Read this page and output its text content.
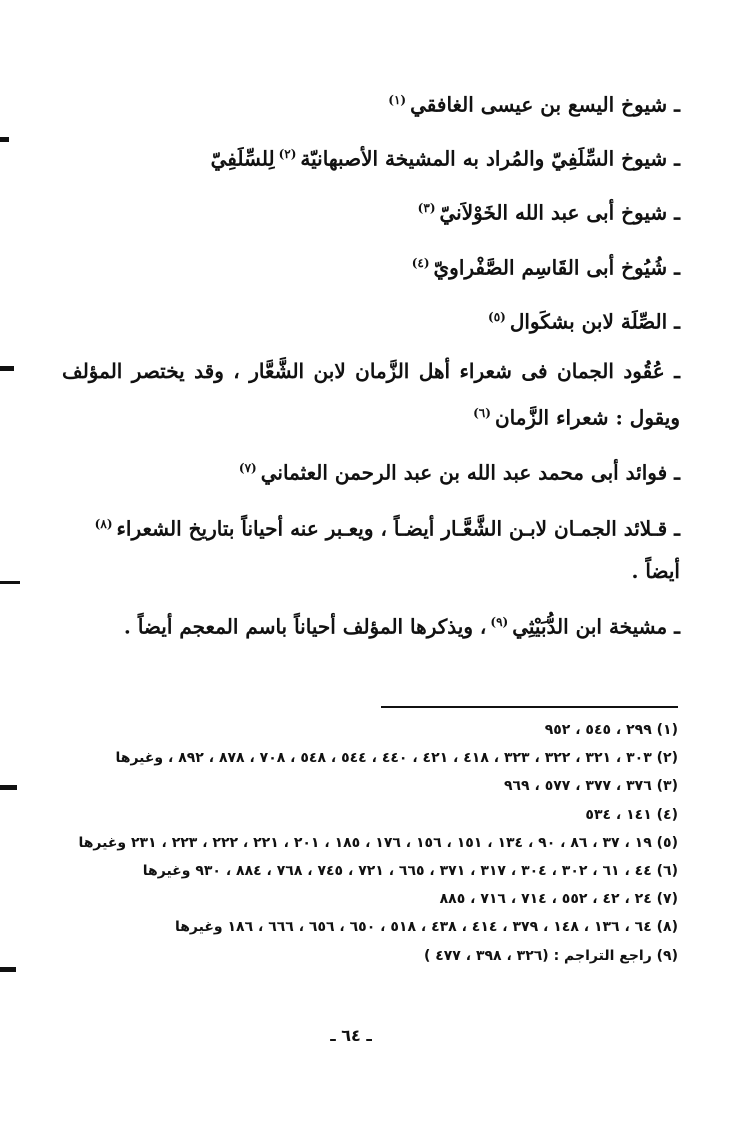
ـ شيوخ اليسع بن عيسى الغافقي$^{(١)}$
ـ شيوخ السِّلَفِيّ والمُراد به المشيخة الأصبهانيّة$^{(٢)}$لِلسِّلَفِيّ
ـ شيوخ أبى عبد الله الخَوْلاَنيّ$^{(٣)}$
ـ شُيُوخ أبى القَاسِم الصَّفْراويّ$^{(٤)}$
ـ الصِّلَة لابن بشكَوال$^{(٥)}$
ـ عُقُود الجمان فى شعراء أهل الزَّمان لابن الشَّعَّار ، وقد يختصر المؤلف ويقول : شعراء الزَّمان$^{(٦)}$
ـ فوائد أبى محمد عبد الله بن عبد الرحمن العثماني$^{(٧)}$
ـ قـلائد الجمـان لابـن الشَّعَّـار أيضـاً ، ويعـبر عنه أحياناً بتاريخ الشعراء$^{(٨)}$
أيضاً .
ـ مشيخة ابن الدُّبَيْثِي$^{(٩)}$، ويذكرها المؤلف أحياناً باسم المعجم أيضاً .
(١) ٢٩٩ ، ٥٤٥ ، ٩٥٢
(٢) ٣٠٣ ، ٣٢١ ، ٣٢٢ ، ٣٢٣ ، ٤١٨ ، ٤٢١ ، ٤٤٠ ، ٥٤٤ ، ٥٤٨ ، ٧٠٨ ، ٨٧٨ ، ٨٩٢ ، وغيرها
(٣) ٣٧٦ ، ٣٧٧ ، ٥٧٧ ، ٩٦٩
(٤) ١٤١ ، ٥٣٤
(٥) ١٩ ، ٣٧ ، ٨٦ ، ٩٠ ، ١٣٤ ، ١٥١ ، ١٥٦ ، ١٧٦ ، ١٨٥ ، ٢٠١ ، ٢٢١ ، ٢٢٢ ، ٢٢٣ ، ٢٣١ وغيرها
(٦) ٤٤ ، ٦١ ، ٣٠٢ ، ٣٠٤ ، ٣١٧ ، ٣٧١ ، ٦٦٥ ، ٧٢١ ، ٧٤٥ ، ٧٦٨ ، ٨٨٤ ، ٩٣٠ وغيرها
(٧) ٢٤ ، ٤٢ ، ٥٥٢ ، ٧١٤ ، ٧١٦ ، ٨٨٥
(٨) ٦٤ ، ١٣٦ ، ١٤٨ ، ٣٧٩ ، ٤١٤ ، ٤٣٨ ، ٥١٨ ، ٦٥٠ ، ٦٥٦ ، ٦٦٦ ، ١٨٦ وغيرها
(٩) راجع التراجم : (٣٢٦ ، ٣٩٨ ، ٤٧٧ )
ـ ٦٤ ـ
